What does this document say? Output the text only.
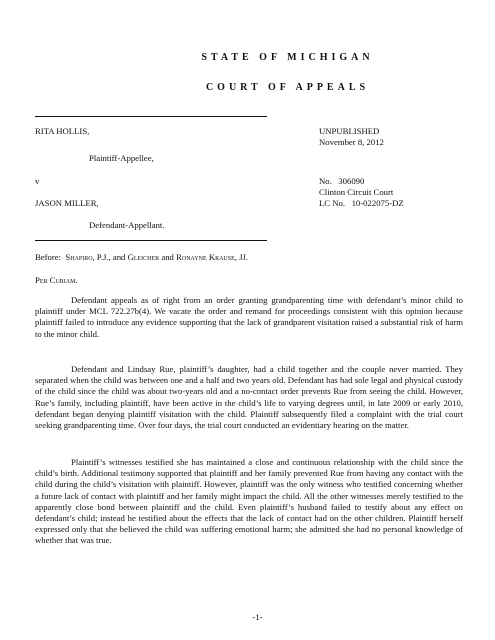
STATE OF MICHIGAN
COURT OF APPEALS
RITA HOLLIS,
Plaintiff-Appellee,
v
JASON MILLER,
Defendant-Appellant.
UNPUBLISHED
November 8, 2012
No.   306090
Clinton Circuit Court
LC No.   10-022075-DZ
Before:  Shapiro, P.J., and Gleicher and Ronayne Krause, JJ.
Per Curiam.

Defendant appeals as of right from an order granting grandparenting time with defendant’s minor child to plaintiff under MCL 722.27b(4). We vacate the order and remand for proceedings consistent with this opinion because plaintiff failed to introduce any evidence supporting that the lack of grandparent visitation raised a substantial risk of harm to the minor child.

Defendant and Lindsay Rue, plaintiff’s daughter, had a child together and the couple never married. They separated when the child was between one and a half and two years old. Defendant has had sole legal and physical custody of the child since the child was about two-years old and a no-contact order prevents Rue from seeing the child. However, Rue’s family, including plaintiff, have been active in the child’s life to varying degrees until, in late 2009 or early 2010, defendant began denying plaintiff visitation with the child. Plaintiff subsequently filed a complaint with the trial court seeking grandparenting time. Over four days, the trial court conducted an evidentiary hearing on the matter.

Plaintiff’s witnesses testified she has maintained a close and continuous relationship with the child since the child’s birth. Additional testimony supported that plaintiff and her family prevented Rue from having any contact with the child during the child’s visitation with plaintiff. However, plaintiff was the only witness who testified concerning whether a future lack of contact with plaintiff and her family might impact the child. All the other witnesses merely testified to the apparently close bond between plaintiff and the child. Even plaintiff’s husband failed to testify about any effect on defendant’s child; instead he testified about the effects that the lack of contact had on the other children. Plaintiff herself expressed only that she believed the child was suffering emotional harm; she admitted she had no personal knowledge of whether that was true.

-1-
